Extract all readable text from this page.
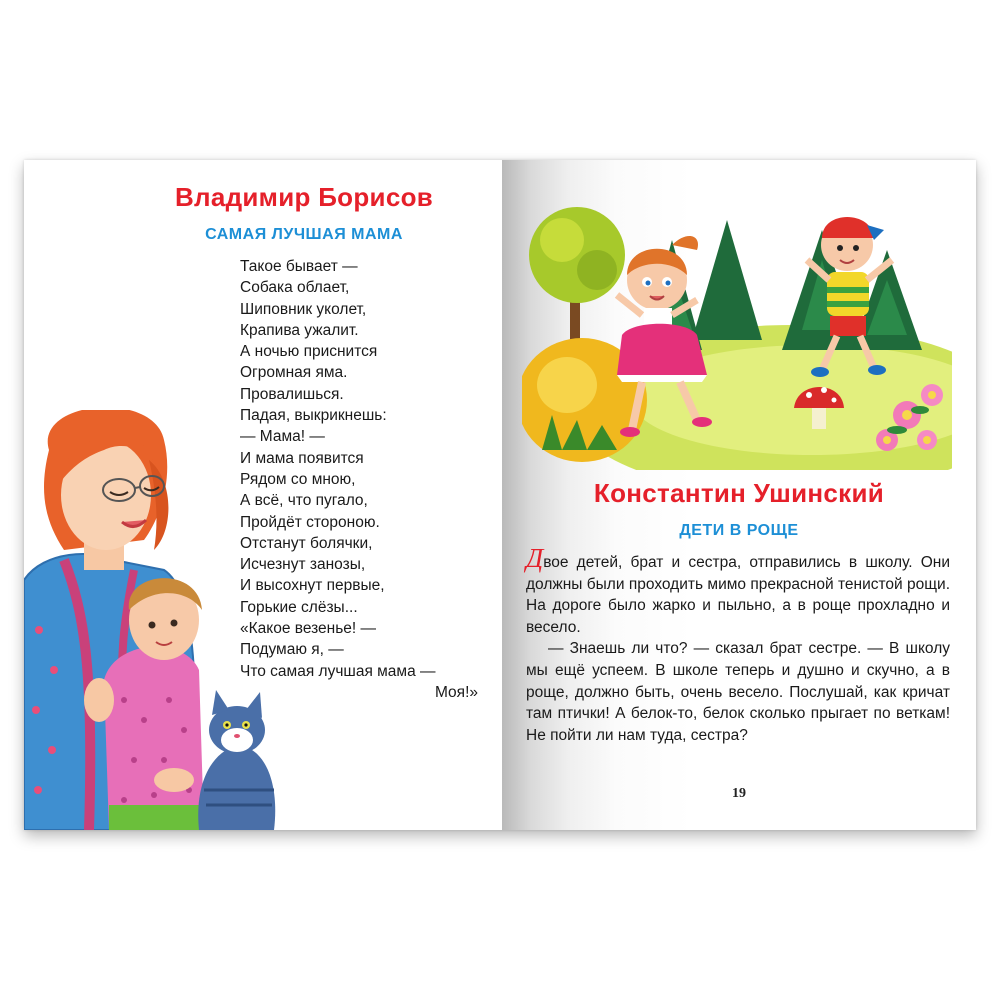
Владимир Борисов
САМАЯ ЛУЧШАЯ МАМА
Такое бывает —
Собака облает,
Шиповник уколет,
Крапива ужалит.
А ночью приснится
Огромная яма.
Провалишься.
Падая, выкрикнешь:
— Мама! —
И мама появится
Рядом со мною,
А всё, что пугало,
Пройдёт стороною.
Отстанут болячки,
Исчезнут занозы,
И высохнут первые,
Горькие слёзы...
«Какое везенье! —
Подумаю я, —
Что самая лучшая мама —
Моя!»
Константин Ушинский
ДЕТИ В РОЩЕ

Двое детей, брат и сестра, отправились в школу. Они должны были проходить мимо прекрасной тенистой рощи. На дороге было жарко и пыльно, а в роще прохладно и весело.

— Знаешь ли что? — сказал брат сестре. — В школу мы ещё успеем. В школе теперь и душно и скучно, а в роще, должно быть, очень весело. Послушай, как кричат там птички! А белок-то, белок сколько прыгает по веткам! Не пойти ли нам туда, сестра?

19
